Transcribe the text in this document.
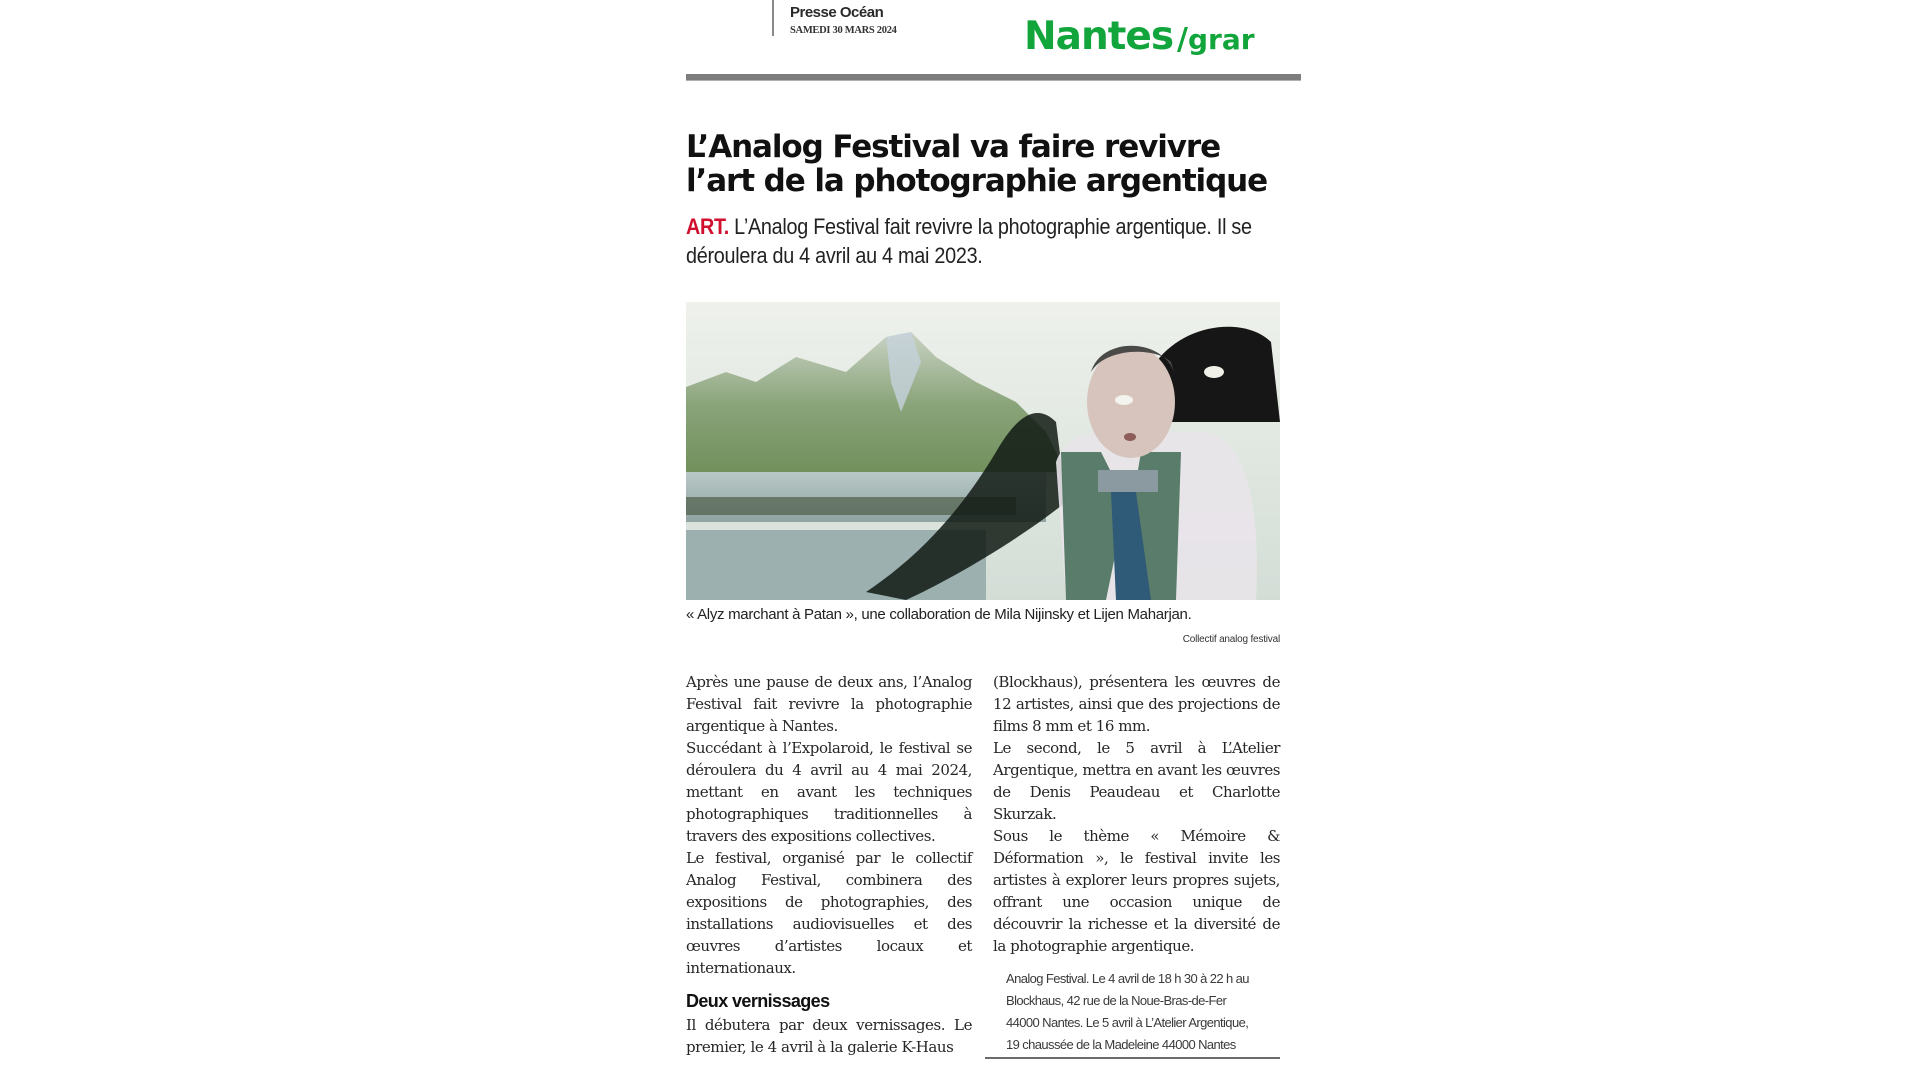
Presse Océan
SAMEDI 30 MARS 2024	Nantes /grar
L’Analog Festival va faire revivre
l’art de la photographie argentique
ART. L’Analog Festival fait revivre la photographie argentique. Il se déroulera du 4 avril au 4 mai 2023.
« Alyz marchant à Patan », une collaboration de Mila Nijinsky et Lijen Maharjan.
Collectif analog festival

Après une pause de deux ans, l’Analog Festival fait revivre la photographie argentique à Nantes.

Succédant à l’Expolaroid, le festival se déroulera du 4 avril au 4 mai 2024, mettant en avant les techniques photographiques traditionnelles à travers des expositions collectives.

Le festival, organisé par le collectif Analog Festival, combinera des expositions de photographies, des installations audiovisuelles et des œuvres d’artistes locaux et internationaux.

Deux vernissages

Il débutera par deux vernissages. Le premier, le 4 avril à la galerie K-Haus

(Blockhaus), présentera les œuvres de 12 artistes, ainsi que des projections de films 8 mm et 16 mm.

Le second, le 5 avril à L’Atelier Argentique, mettra en avant les œuvres de Denis Peaudeau et Charlotte Skurzak.

Sous le thème « Mémoire & Déformation », le festival invite les artistes à explorer leurs propres sujets, offrant une occasion unique de découvrir la richesse et la diversité de la photographie argentique.

Analog Festival. Le 4 avril de 18 h 30 à 22 h au
Blockhaus, 42 rue de la Noue-Bras-de-Fer
44000 Nantes. Le 5 avril à L’Atelier Argentique,
19 chaussée de la Madeleine 44000 Nantes
